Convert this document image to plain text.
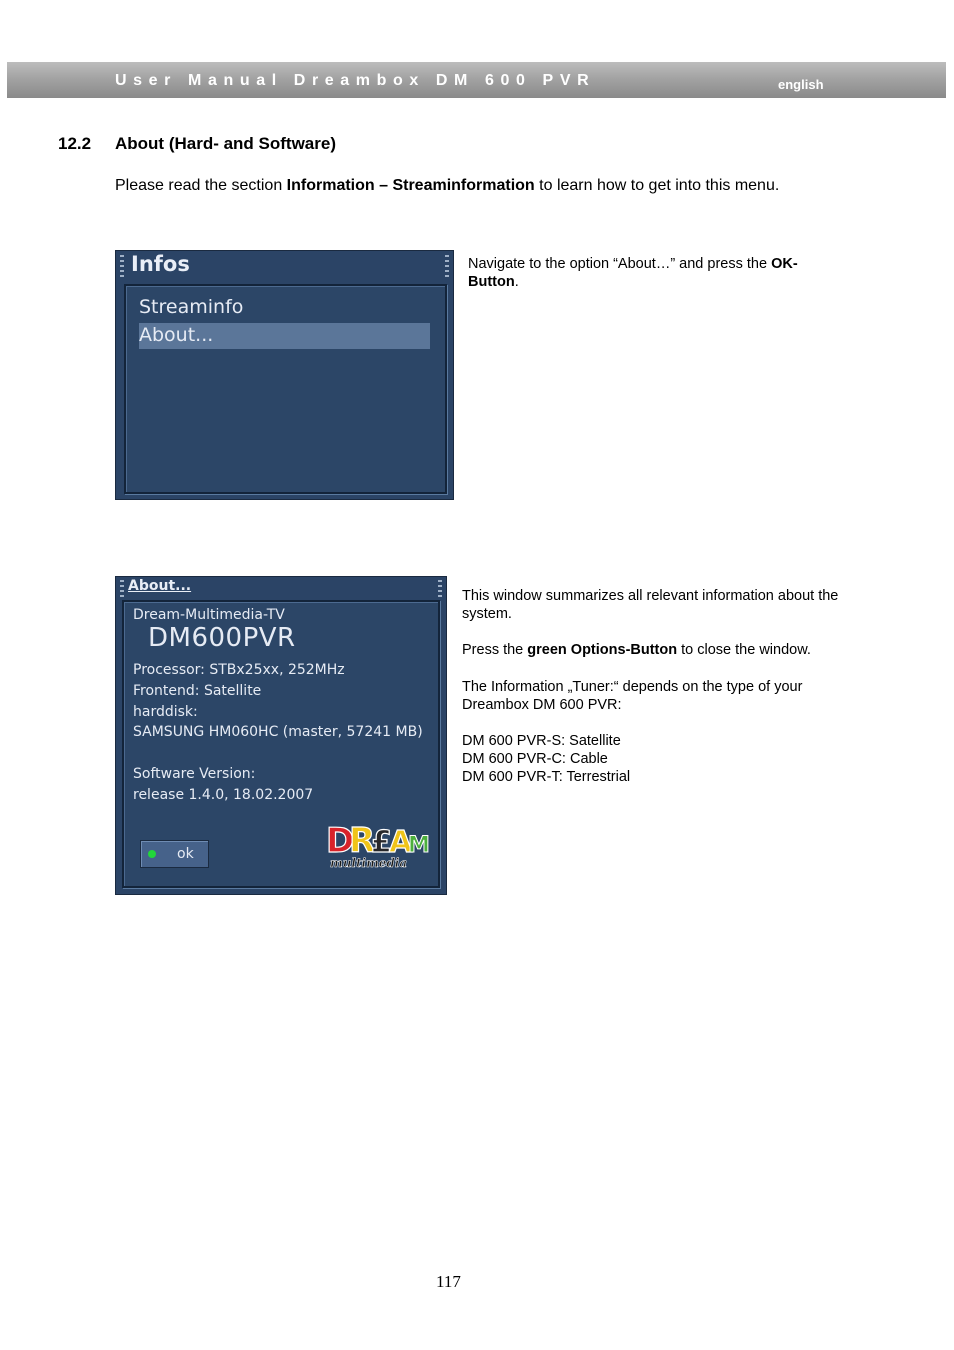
User Manual Dreambox DM 600 PVR	english
12.2 About (Hard- and Software)
Please read the section Information – Streaminformation to learn how to get into this menu.
Infos
Streaminfo
About...
Navigate to the option “About…” and press the OK-Button.
About...
Dream-Multimedia-TV
DM600PVR
Processor: STBx25xx, 252MHz
Frontend: Satellite
harddisk:
SAMSUNG HM060HC (master, 57241 MB)
Software Version:
release 1.4.0, 18.02.2007
ok	D
R
£
A
M
multimedia

This window summarizes all relevant information about the system.

Press the green Options-Button to close the window.

The Information „Tuner:“ depends on the type of your Dreambox DM 600 PVR:

DM 600 PVR-S: Satellite
DM 600 PVR-C: Cable
DM 600 PVR-T: Terrestrial
117
